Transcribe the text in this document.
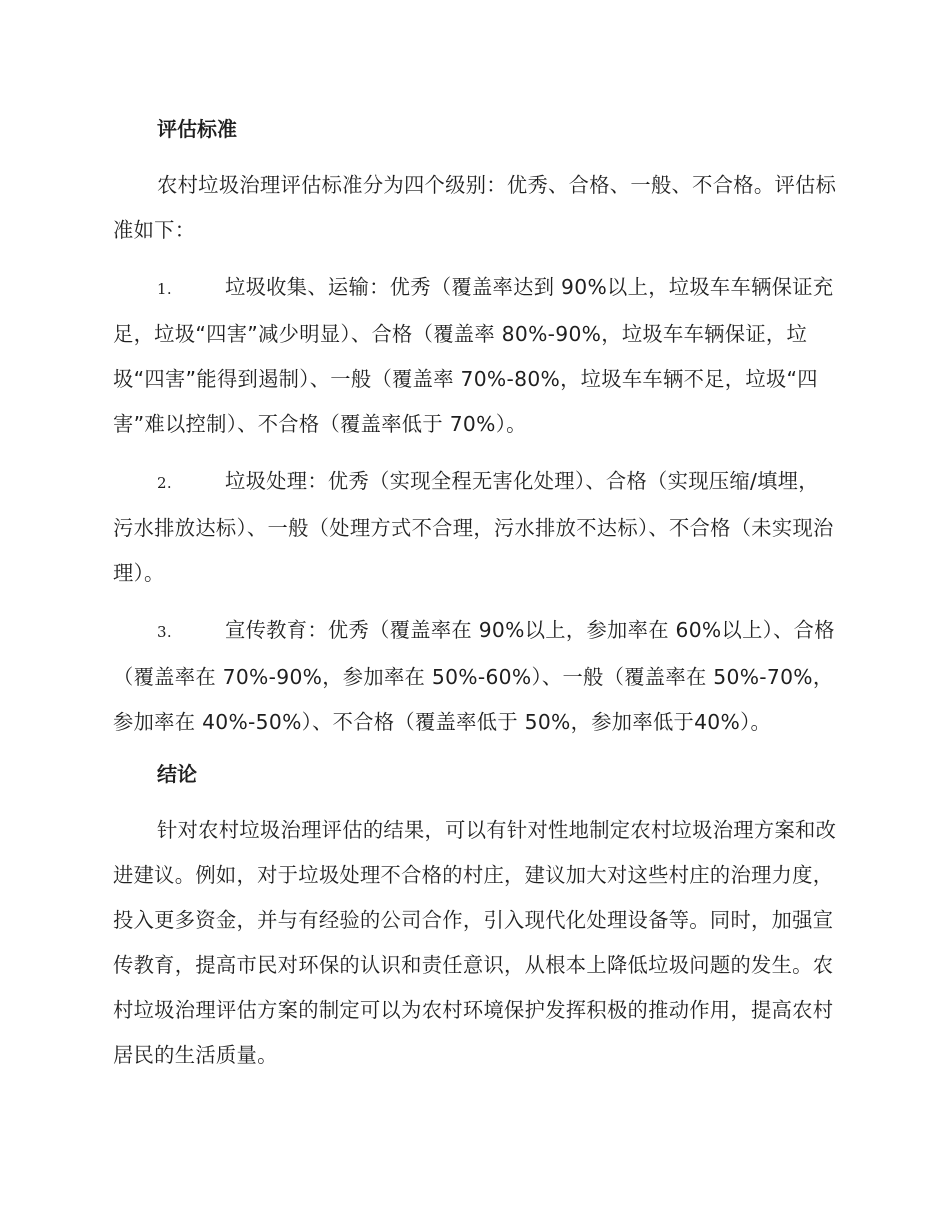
评估标准

农村垃圾治理评估标准分为四个级别：优秀、合格、一般、不合格。评估标准如下：

1.	垃圾收集、运输：优秀（覆盖率达到 90%以上，垃圾车车辆保证充足，垃圾“四害”减少明显）、合格（覆盖率 80%-90%，垃圾车车辆保证，垃圾“四害”能得到遏制）、一般（覆盖率 70%-80%，垃圾车车辆不足，垃圾“四害”难以控制）、不合格（覆盖率低于 70%）。

2.	垃圾处理：优秀（实现全程无害化处理）、合格（实现压缩/填埋，污水排放达标）、一般（处理方式不合理，污水排放不达标）、不合格（未实现治理）。

3.	宣传教育：优秀（覆盖率在 90%以上，参加率在 60%以上）、合格（覆盖率在 70%-90%，参加率在 50%-60%）、一般（覆盖率在 50%-70%，参加率在 40%-50%）、不合格（覆盖率低于 50%，参加率低于40%）。

结论

针对农村垃圾治理评估的结果，可以有针对性地制定农村垃圾治理方案和改进建议。例如，对于垃圾处理不合格的村庄，建议加大对这些村庄的治理力度，投入更多资金，并与有经验的公司合作，引入现代化处理设备等。同时，加强宣传教育，提高市民对环保的认识和责任意识，从根本上降低垃圾问题的发生。农村垃圾治理评估方案的制定可以为农村环境保护发挥积极的推动作用，提高农村居民的生活质量。
